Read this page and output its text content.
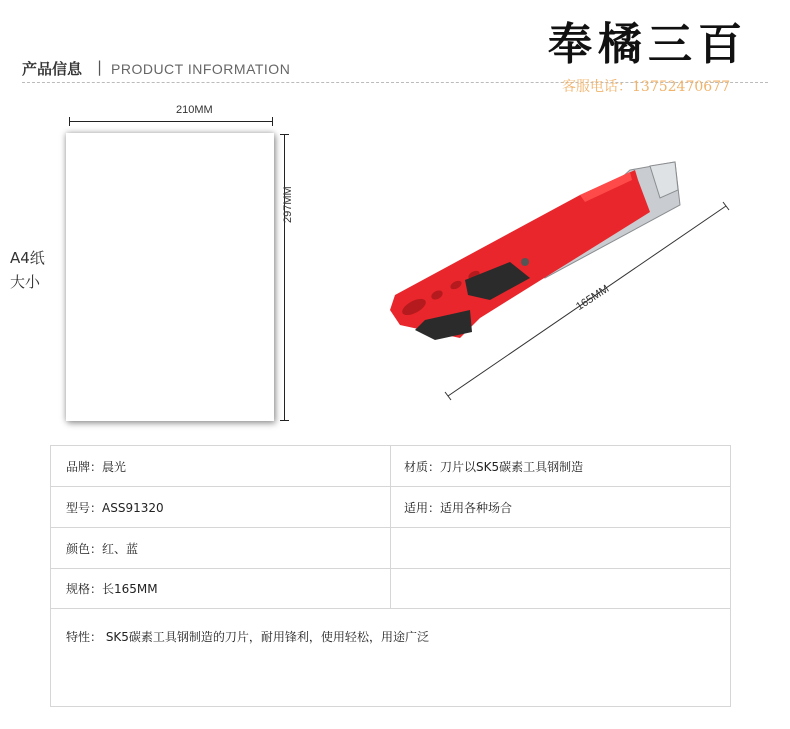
产品信息 | PRODUCT INFORMATION	奉橘三百
客服电话：13752470677
210MM
297MM
A4纸
大小
165MM
品牌：晨光	材质：刀片以SK5碳素工具钢制造
型号：ASS91320	适用：适用各种场合
颜色：红、蓝
规格：长165MM
特性： SK5碳素工具钢制造的刀片，耐用锋利，使用轻松，用途广泛
